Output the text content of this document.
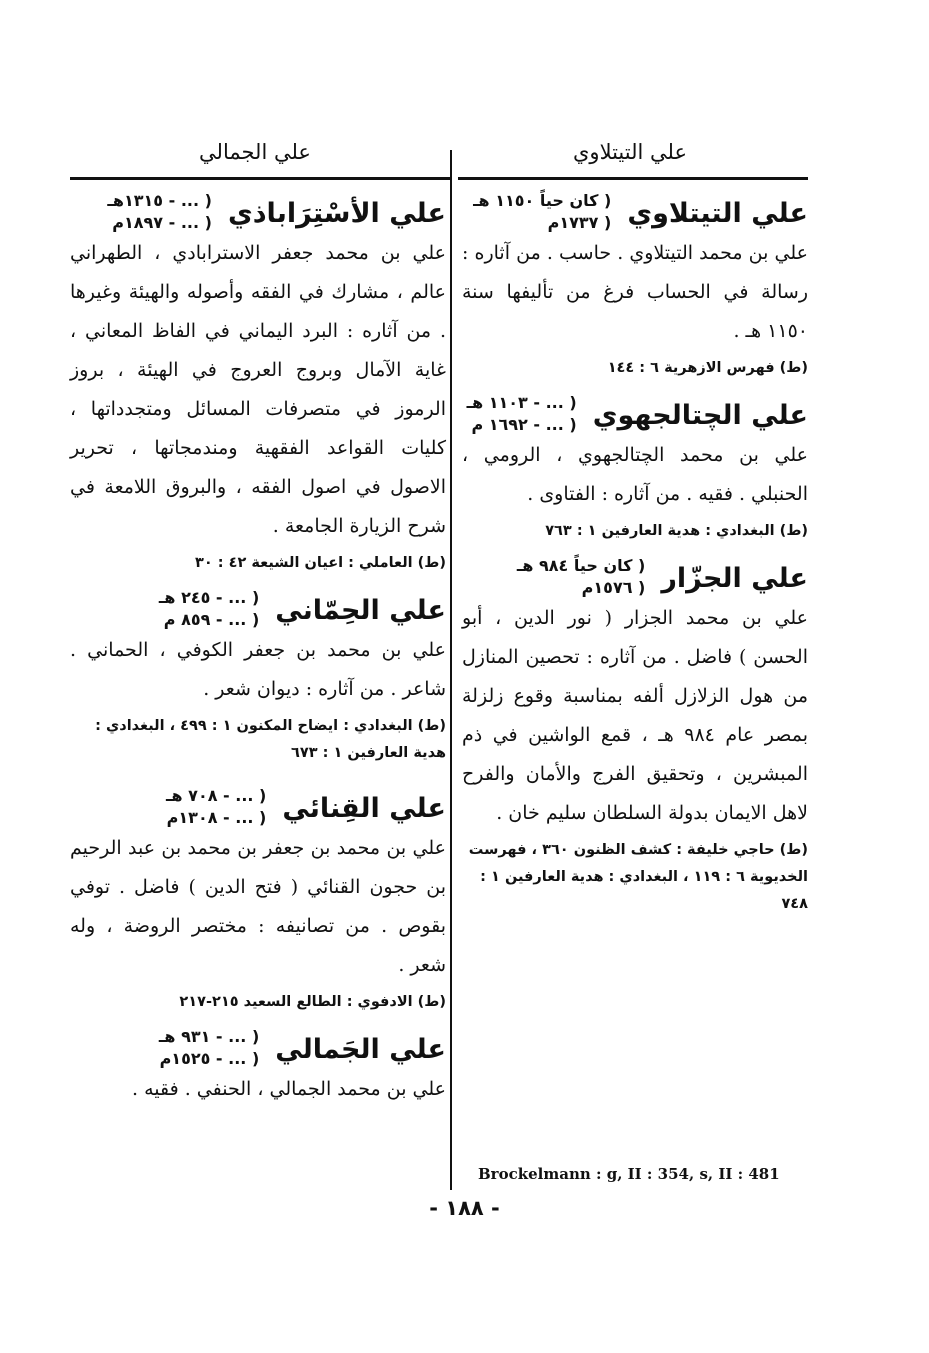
علي التيتلاوي
علي الجمالي
علي التيتلاوي
( كان حياً ١١٥٠ هـ
( ١٧٣٧م

علي بن محمد التيتلاوي . حاسب . من آثاره : رسالة في الحساب فرغ من تأليفها سنة ١١٥٠ هـ .

(ط) فهرس الازهرية ٦ : ١٤٤

علي الچتالجهوي
( ... - ١١٠٣ هـ
( ... - ١٦٩٢ م

علي بن محمد الچتالجهوي ، الرومي ، الحنبلي . فقيه . من آثاره : الفتاوى .

(ط) البغدادي : هدية العارفين ١ : ٧٦٣

علي الجزّار
( كان حياً ٩٨٤ هـ
( ١٥٧٦م

علي بن محمد الجزار ( نور الدين ، أبو الحسن ) فاضل . من آثاره : تحصين المنازل من هول الزلازل ألفه بمناسبة وقوع زلزلة بمصر عام ٩٨٤ هـ ، قمع الواشين في ذم المبشرين ، وتحقيق الفرج والأمان والفرح لاهل الايمان بدولة السلطان سليم خان .

(ط) حاجي خليفة : كشف الظنون ٣٦٠ ، فهرست الخديوية ٦ : ١١٩ ، البغدادي : هدية العارفين ١ : ٧٤٨

علي الأسْتِرَاباذي
( ... - ١٣١٥هـ
( ... - ١٨٩٧م

علي بن محمد جعفر الاسترابادي ، الطهراني عالم ، مشارك في الفقه وأصوله والهيئة وغيرها . من آثاره : البرد اليماني في الفاظ المعاني ، غاية الآمال وبروج العروج في الهيئة ، بروز الرموز في متصرفات المسائل ومتجدداتها ، كليات القواعد الفقهية ومندمجاتها ، تحرير الاصول في اصول الفقه ، والبروق اللامعة في شرح الزيارة الجامعة .

(ط) العاملي : اعيان الشيعة ٤٢ : ٣٠

علي الحِمّاني
( ... - ٢٤٥ هـ
( ... - ٨٥٩ م

علي بن محمد بن جعفر الكوفي ، الحماني . شاعر . من آثاره : ديوان شعر .

(ط) البغدادي : ايضاح المكنون ١ : ٤٩٩ ، البغدادي : هدية العارفين ١ : ٦٧٣

علي القِنائي
( ... - ٧٠٨ هـ
( ... - ١٣٠٨م

علي بن محمد بن جعفر بن محمد بن عبد الرحيم بن حجون القنائي ( فتح الدين ) فاضل . توفي بقوص . من تصانيفه : مختصر الروضة ، وله شعر .

(ط) الادفوي : الطالع السعيد ٢١٥-٢١٧

علي الجَمالي
( ... - ٩٣١ هـ
( ... - ١٥٢٥م

علي بن محمد الجمالي ، الحنفي . فقيه .

Brockelmann : g, II : 354, s, II : 481
- ١٨٨ -
